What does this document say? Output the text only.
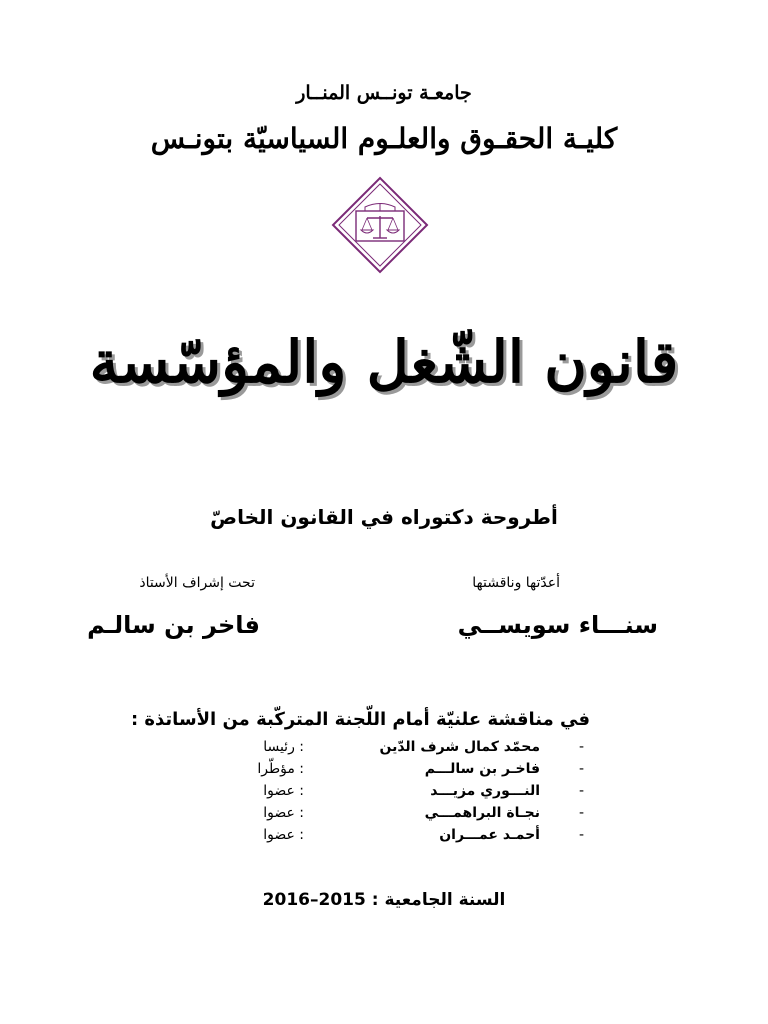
جامعـة تونــس المنــار
كليـة الحقـوق والعلـوم السياسيّة بتونـس
قانون الشّغل والمؤسّسة
أطروحة دكتوراه في القانون الخاصّ
أعدّتها وناقشتها
تحت إشراف الأستاذ
سنـــاء سويســي
فاخر بن سالـم
في مناقشة علنيّة أمام اللّجنة المتركّبة من الأساتذة :
-
محمّد كمال شرف الدّين
: رئيسا
-
فاخـر بن سالـــم
: مؤطّرا
-
النـــوري مزيـــد
: عضوا
-
نجـاة البراهمـــي
: عضوا
-
أحمـد عمـــران
: عضوا
السنة الجامعية : 2015–2016
